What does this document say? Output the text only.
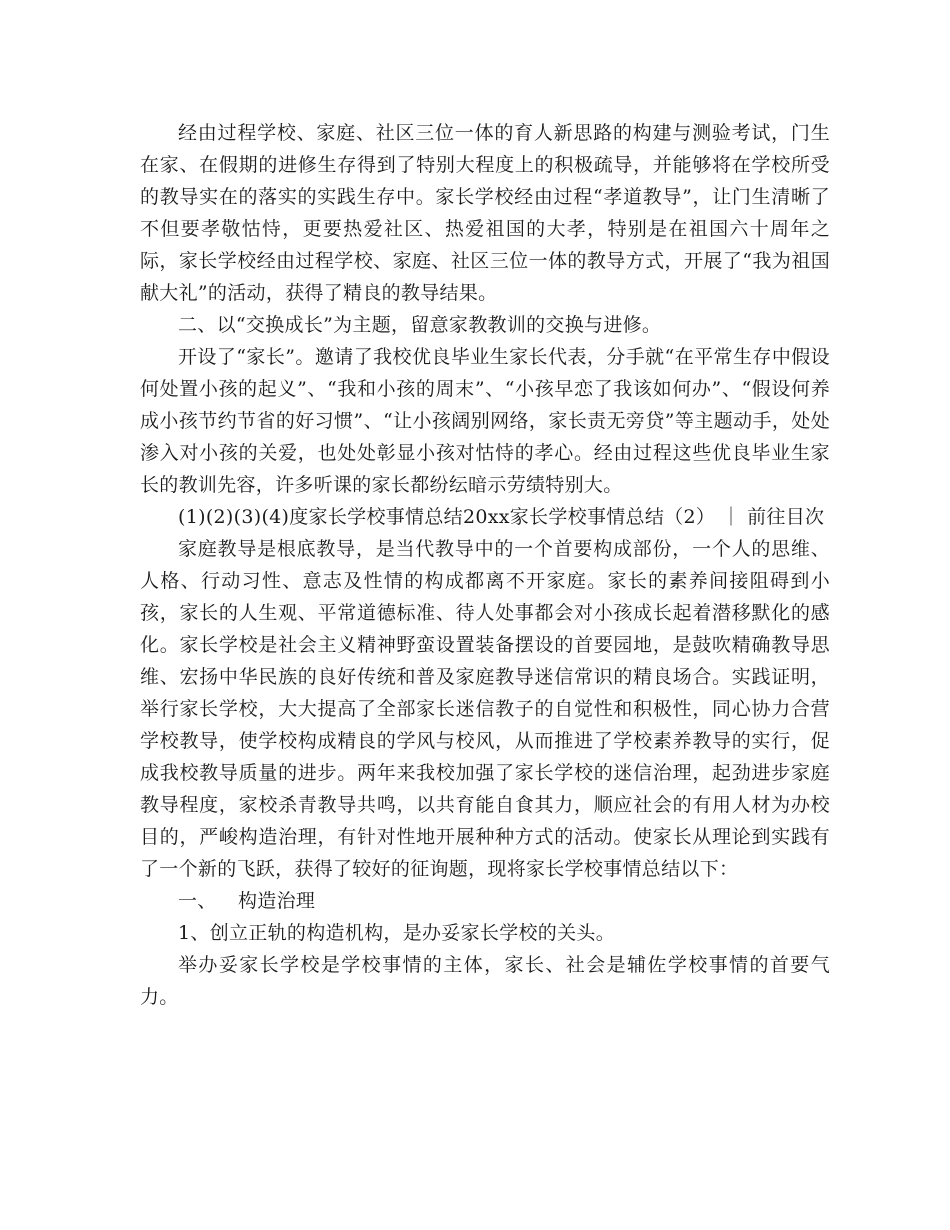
经由过程学校、家庭、社区三位一体的育人新思路的构建与测验考试，门生在家、在假期的进修生存得到了特别大程度上的积极疏导，并能够将在学校所受的教导实在的落实的实践生存中。家长学校经由过程“孝道教导”，让门生清晰了不但要孝敬怙恃，更要热爱社区、热爱祖国的大孝，特别是在祖国六十周年之际，家长学校经由过程学校、家庭、社区三位一体的教导方式，开展了“我为祖国献大礼”的活动，获得了精良的教导结果。

二、以“交换成长”为主题，留意家教教训的交换与进修。

开设了“家长”。邀请了我校优良毕业生家长代表，分手就“在平常生存中假设何处置小孩的起义”、“我和小孩的周末”、“小孩早恋了我该如何办”、“假设何养成小孩节约节省的好习惯”、“让小孩阔别网络，家长责无旁贷”等主题动手，处处渗入对小孩的关爱，也处处彰显小孩对怙恃的孝心。经由过程这些优良毕业生家长的教训先容，许多听课的家长都纷纭暗示劳绩特别大。

(1)(2)(3)(4)度家长学校事情总结20xx家长学校事情总结（2） ｜ 前往目次

家庭教导是根底教导，是当代教导中的一个首要构成部份，一个人的思维、人格、行动习性、意志及性情的构成都离不开家庭。家长的素养间接阻碍到小孩，家长的人生观、平常道德标准、待人处事都会对小孩成长起着潜移默化的感化。家长学校是社会主义精神野蛮设置装备摆设的首要园地，是鼓吹精确教导思维、宏扬中华民族的良好传统和普及家庭教导迷信常识的精良场合。实践证明，举行家长学校，大大提高了全部家长迷信教子的自觉性和积极性，同心协力合营学校教导，使学校构成精良的学风与校风，从而推进了学校素养教导的实行，促成我校教导质量的进步。两年来我校加强了家长学校的迷信治理，起劲进步家庭教导程度，家校杀青教导共鸣，以共育能自食其力，顺应社会的有用人材为办校目的，严峻构造治理，有针对性地开展种种方式的活动。使家长从理论到实践有了一个新的飞跃，获得了较好的征询题，现将家长学校事情总结以下：

一、 构造治理

1、创立正轨的构造机构，是办妥家长学校的关头。

举办妥家长学校是学校事情的主体，家长、社会是辅佐学校事情的首要气力。
